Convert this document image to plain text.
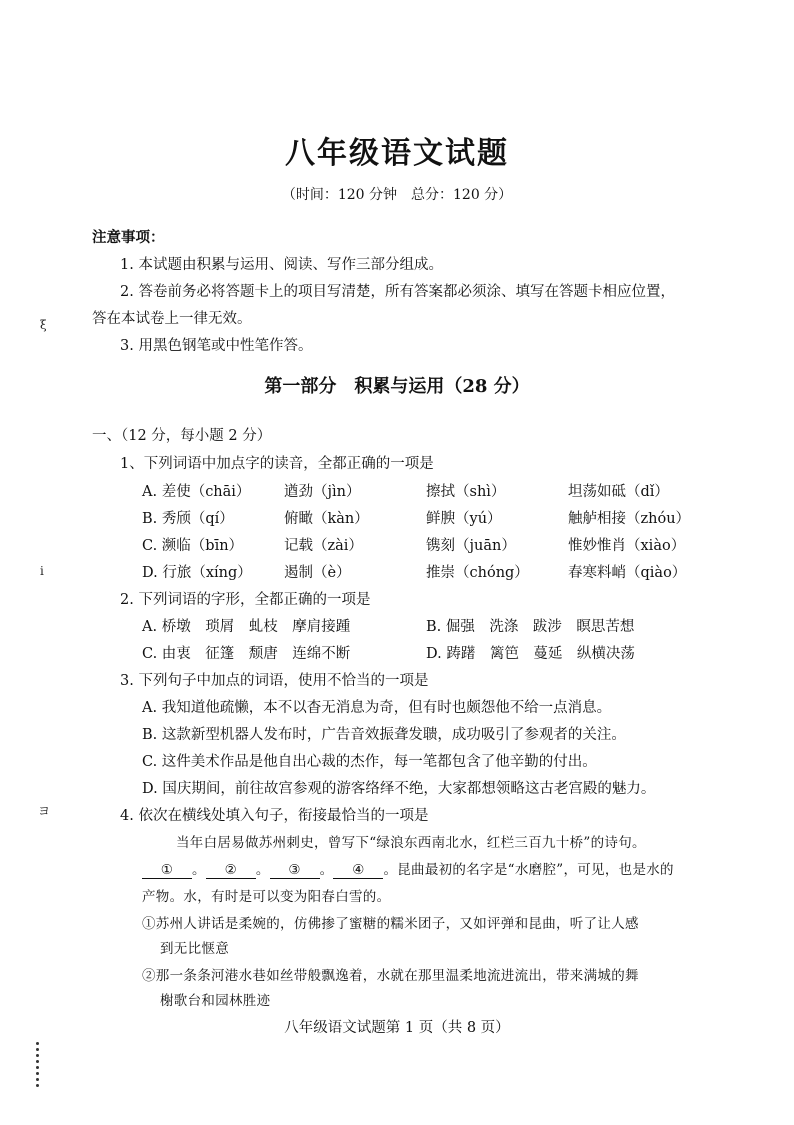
ξ
i
ヨ
八年级语文试题
（时间：120 分钟　总分：120 分）
注意事项：
1. 本试题由积累与运用、阅读、写作三部分组成。
2. 答卷前务必将答题卡上的项目写清楚，所有答案都必须涂、填写在答题卡相应位置，
答在本试卷上一律无效。
3. 用黑色钢笔或中性笔作答。
第一部分　积累与运用（28 分）
一、（12 分，每小题 2 分）
1、下列词语中加点字的读音，全都正确的一项是
A. 差使（chāi） 遒劲（jìn）	擦拭（shì）	坦荡如砥（dǐ）
B. 秀颀（qí）	俯瞰（kàn）	鲜腴（yú）	触舻相接（zhóu）
C. 濒临（bīn）	记载（zài）	镌刻（juān）	惟妙惟肖（xiào）
D. 行旅（xíng） 遏制（è）	推崇（chóng）	春寒料峭（qiào）
2. 下列词语的字形，全都正确的一项是
A. 桥墩　琐屑　虬枝　摩肩接踵	B. 倔强　洗涤　跋涉　瞑思苦想
C. 由衷　征篷　颓唐　连绵不断	D. 踌躇　篱笆　蔓延　纵横决荡
3. 下列句子中加点的词语，使用不恰当的一项是
A. 我知道他疏懒，本不以杳无消息为奇，但有时也颇怨他不给一点消息。
B. 这款新型机器人发布时，广告音效振聋发聩，成功吸引了参观者的关注。
C. 这件美术作品是他自出心裁的杰作，每一笔都包含了他辛勤的付出。
D. 国庆期间，前往故宫参观的游客络绎不绝，大家都想领略这古老宫殿的魅力。
4. 依次在横线处填入句子，衔接最恰当的一项是
当年白居易做苏州刺史，曾写下“绿浪东西南北水，红栏三百九十桥”的诗句。
① 。 ② 。 ③ 。 ④ 。昆曲最初的名字是“水磨腔”，可见，也是水的
产物。水，有时是可以变为阳春白雪的。
①苏州人讲话是柔婉的，仿佛掺了蜜糖的糯米团子，又如评弹和昆曲，听了让人感
到无比惬意
②那一条条河港水巷如丝带般飘逸着，水就在那里温柔地流进流出，带来满城的舞
榭歌台和园林胜迹
八年级语文试题第 1 页（共 8 页）
